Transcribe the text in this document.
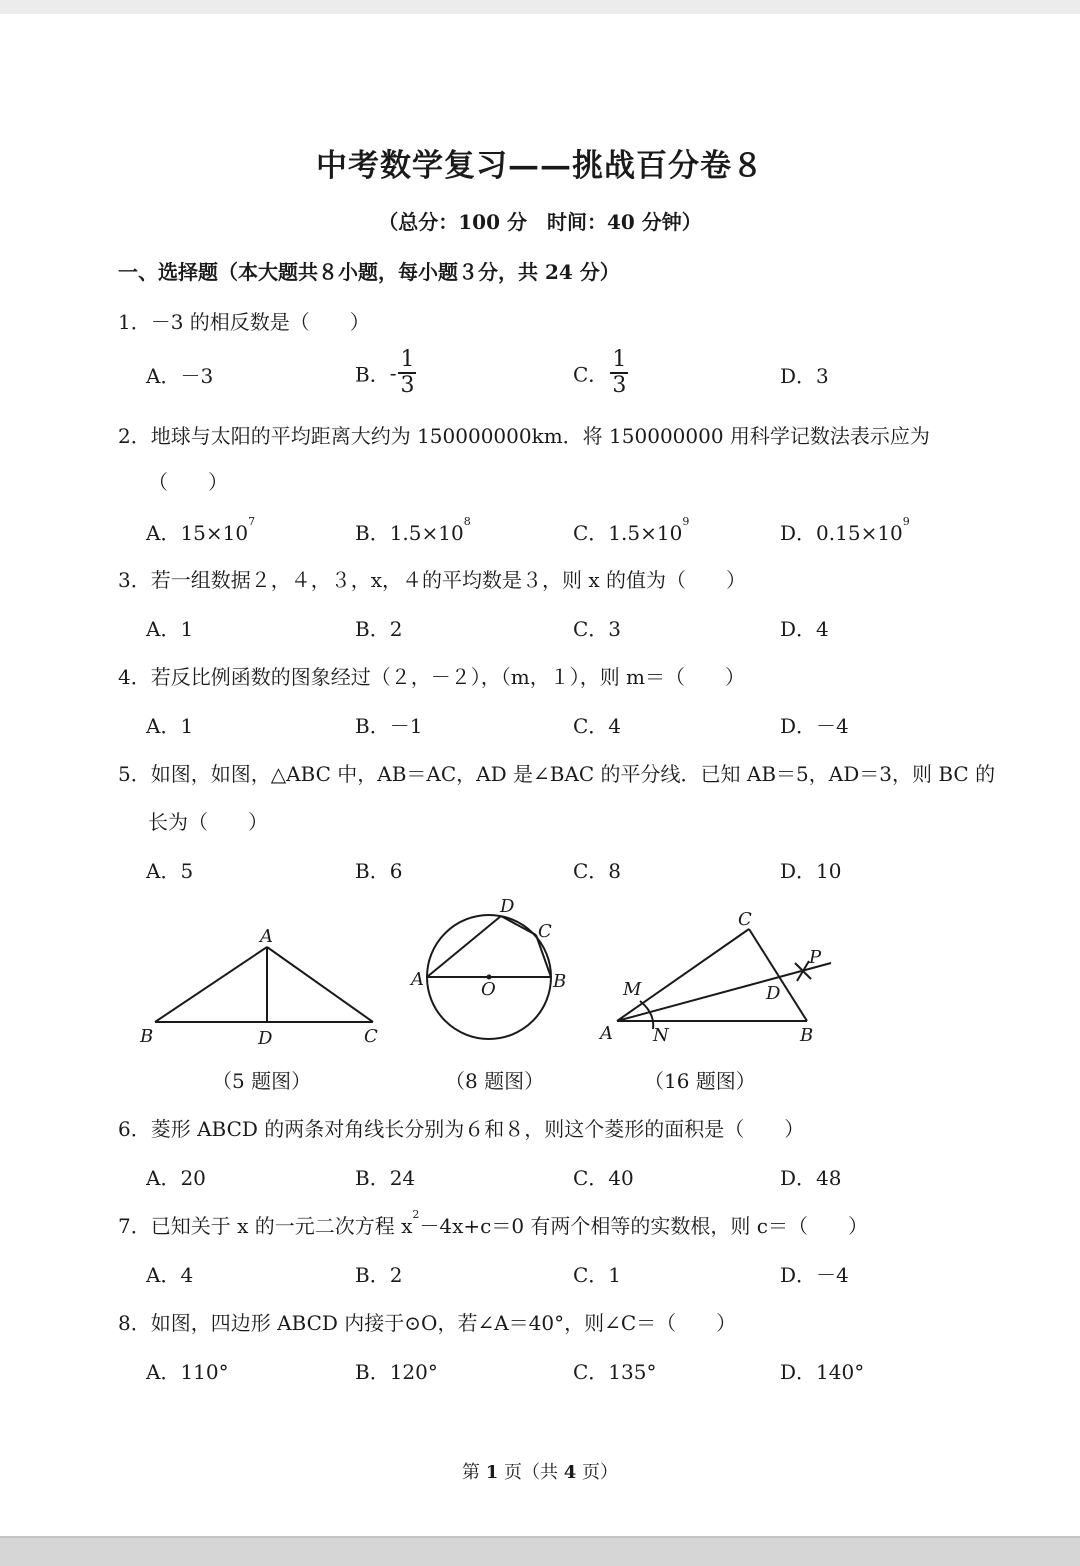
中考数学复习——挑战百分卷８
（总分：100 分　时间：40 分钟）
一、选择题（本大题共８小题，每小题３分，共 24 分）
1．－3 的相反数是（　　）
A．－3	B．- $\frac{1}{3}$	C． $\frac{1}{3}$	D．3
2．地球与太阳的平均距离大约为 150000000km．将 150000000 用科学记数法表示应为
（　　）
A．$15\times 10^7$	B．$1.5\times 10^8$	C．$1.5\times 10^9$	D．$0.15\times 10^9$
3．若一组数据２，４，３，x，４的平均数是３，则 x 的值为（　　）
A．1	B．2	C．3	D．4
4．若反比例函数的图象经过（２，－２），（m，１），则 m＝（　　）
A．1	B．－1	C．4	D．－4
5．如图，如图，△ABC 中，AB＝AC，AD 是∠BAC 的平分线．已知 AB＝5，AD＝3，则 BC 的
长为（　　）
A．5	B．6	C．8	D．10
A
B	D	C
（5 题图）
D
C
A	B
O
（8 题图）
C
P
M	D
A N	B
（16 题图）
6．菱形 ABCD 的两条对角线长分别为６和８，则这个菱形的面积是（　　）
A．20	B．24	C．40	D．48
7．已知关于 x 的一元二次方程 $x^2-4x+c=0$ 有两个相等的实数根，则 c＝（　　）
A．4	B．2	C．1	D．－4
8．如图，四边形 ABCD 内接于⊙O，若∠A＝40°，则∠C＝（　　）
A．110°	B．120°	C．135°	D．140°
第 1 页（共 4 页）
